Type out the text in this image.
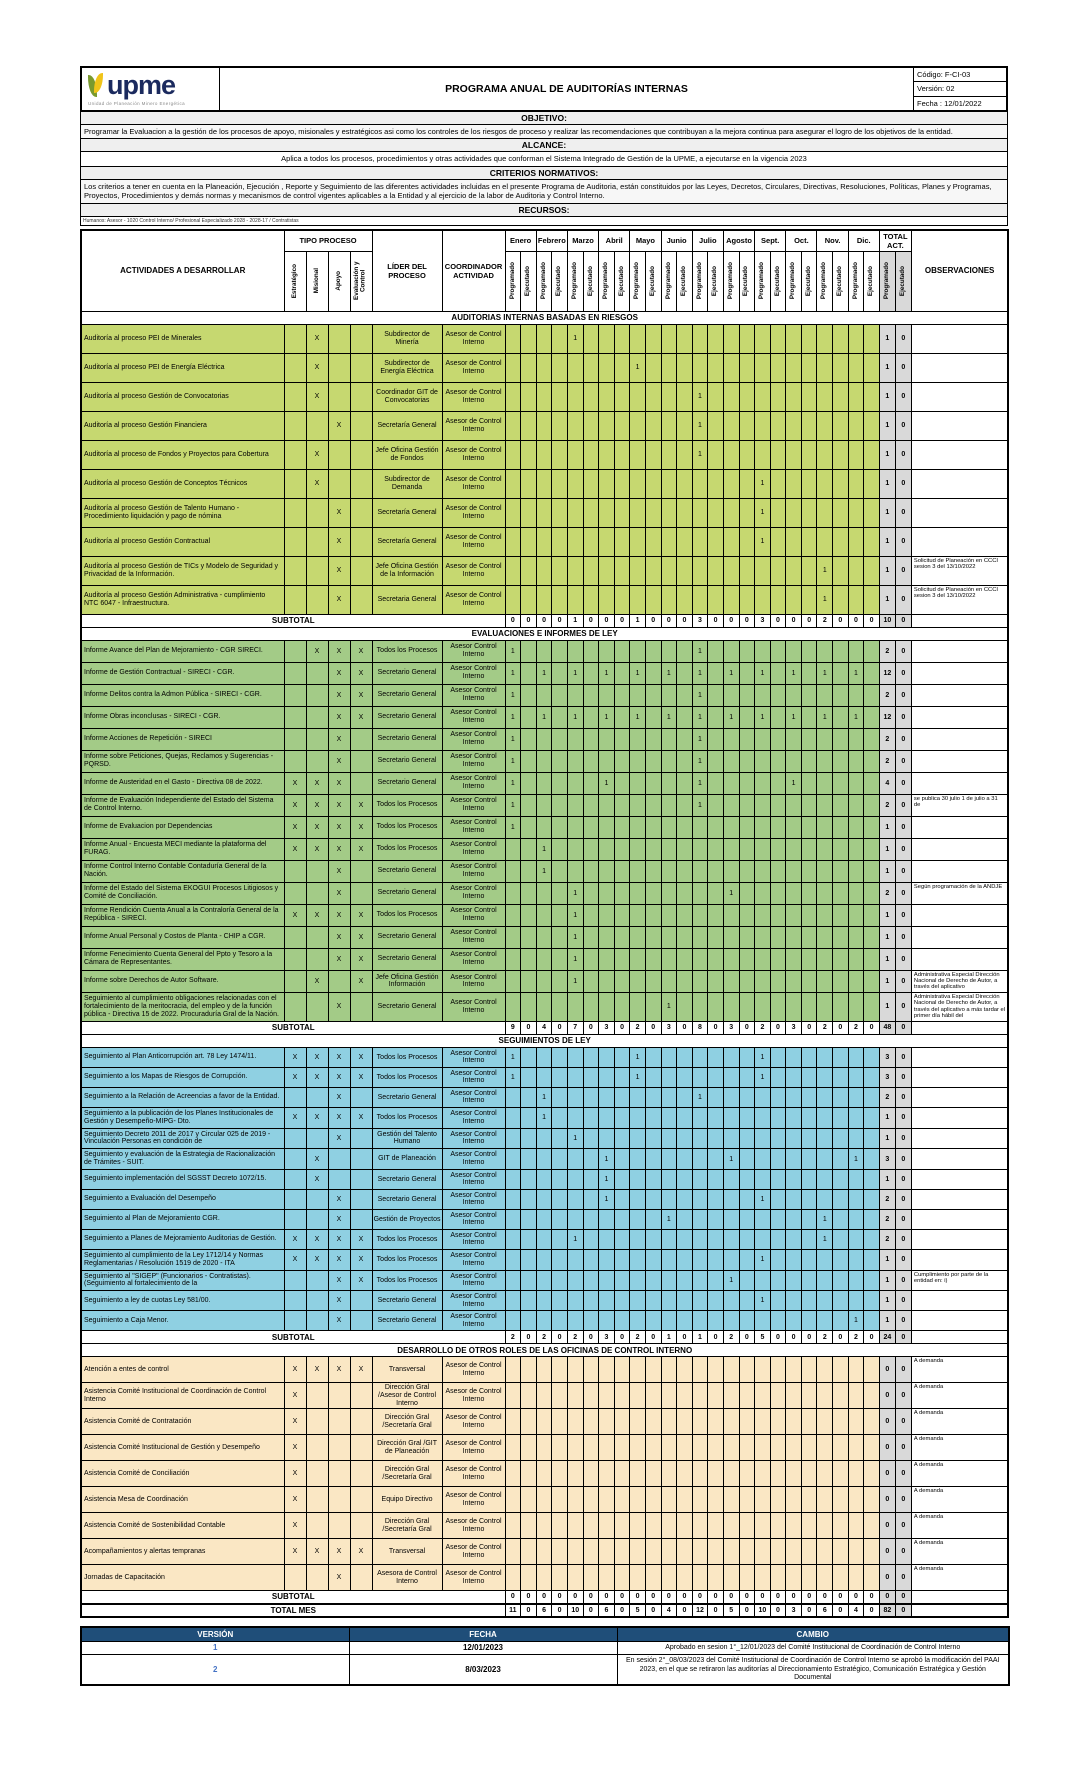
upme
Unidad de Planeación Minero Energética
PROGRAMA ANUAL DE AUDITORÍAS INTERNAS
Código: F-CI-03
Versión: 02
Fecha : 12/01/2022
OBJETIVO:
Programar la Evaluacion a la gestión de los procesos de apoyo, misionales y estratégicos asi como los controles de los riesgos de proceso y realizar las recomendaciones que contribuyan a la mejora continua para asegurar el logro de los objetivos de la entidad.
ALCANCE:
Aplica a todos los procesos, procedimientos y otras actividades que conforman el Sistema Integrado de Gestión de la UPME, a ejecutarse en la vigencia 2023
CRITERIOS NORMATIVOS:
Los criterios a tener en cuenta en la Planeación, Ejecución , Reporte y Seguimiento de las diferentes actividades incluidas en el presente Programa de Auditoria, están constituidos por las Leyes, Decretos, Circulares, Directivas, Resoluciones, Políticas, Planes y Programas, Proyectos, Procedimientos y demás normas y mecanismos de control vigentes aplicables a la Entidad y al ejercicio de la labor de Auditoria y Control Interno.
RECURSOS:
Humanos: Asesor - 1020 Control Interno/ Profesional Especializado 2028 - 2028-17 / Contratistas
ACTIVIDADES A DESARROLLAR	TIPO PROCESO				LÍDER DEL PROCESO	COORDINADOR ACTIVIDAD	Enero		Febrero		Marzo		Abril		Mayo		Junio		Julio		Agosto		Sept.		Oct.		Nov.		Dic.		TOTAL ACT.		OBSERVACIONES

	Estratégico	Misional	Apoyo	Evaluación y Control			Programado	Ejecutado	Programado	Ejecutado	Programado	Ejecutado	Programado	Ejecutado	Programado	Ejecutado	Programado	Ejecutado	Programado	Ejecutado	Programado	Ejecutado	Programado	Ejecutado	Programado	Ejecutado	Programado	Ejecutado	Programado	Ejecutado	Programado	Ejecutado	

AUDITORIAS INTERNAS BASADAS EN RIESGOS																																	
Auditoría al proceso PEI de Minerales		X			Subdirector de Minería	Asesor de Control Interno					1																				1	0	
Auditoría al proceso PEI de Energía Eléctrica		X			Subdirector de Energía Eléctrica	Asesor de Control Interno									1																1	0	
Auditoría al proceso Gestión de Convocatorias		X			Coordinador GIT de Convocatorias	Asesor de Control Interno													1												1	0	
Auditoría al proceso Gestión Financiera			X		Secretaría General	Asesor de Control Interno													1												1	0	
Auditoría al proceso de Fondos y Proyectos para Cobertura		X			Jefe Oficina Gestión de Fondos	Asesor de Control Interno													1												1	0	
Auditoría al proceso Gestión de Conceptos Técnicos		X			Subdirector de Demanda	Asesor de Control Interno																	1								1	0	
Auditoría al proceso Gestión de Talento Humano - Procedimiento liquidación y pago de nómina			X		Secretaría General	Asesor de Control Interno																	1								1	0	
Auditoría al proceso Gestión Contractual			X		Secretaría General	Asesor de Control Interno																	1								1	0	
Auditoría al proceso Gestión de TICs y Modelo de Seguridad y Privacidad de la Información.			X		Jefe Oficina Gestión de la Información	Asesor de Control Interno																					1				1	0	Solicitud de Planeación en CCCI sesion 3 del 13/10/2022
Auditoría al proceso Gestión Administrativa - cumplimiento NTC 6047 - Infraestructura.			X		Secretaria General	Asesor de Control Interno																					1				1	0	Solicitud de Planeación en CCCI sesion 3 del 13/10/2022
SUBTOTAL							0	0	0	0	1	0	0	0	1	0	0	0	3	0	0	0	3	0	0	0	2	0	0	0	10	0	
EVALUACIONES E INFORMES DE LEY																																	
Informe Avance del Plan de Mejoramiento - CGR SIRECI.		X	X	X	Todos los Procesos	Asesor Control Interno	1												1												2	0	
Informe de Gestión Contractual - SIRECI - CGR.			X	X	Secretario General	Asesor Control Interno	1		1		1		1		1		1		1		1		1		1		1		1		12	0	
Informe Delitos contra la Admon Pública - SIRECI - CGR.			X	X	Secretario General	Asesor Control Interno	1												1												2	0	
Informe Obras inconclusas - SIRECI - CGR.			X	X	Secretario General	Asesor Control Interno	1		1		1		1		1		1		1		1		1		1		1		1		12	0	
Informe Acciones de Repetición - SIRECI			X		Secretario General	Asesor Control Interno	1												1												2	0	
Informe sobre Peticiones, Quejas, Reclamos y Sugerencias - PQRSD.			X		Secretario General	Asesor Control Interno	1												1												2	0	
Informe de Austeridad en el Gasto - Directiva 08 de 2022.	X	X	X		Secretario General	Asesor Control Interno	1						1						1						1						4	0	
Informe de Evaluación Independiente del Estado del Sistema de Control Interno.	X	X	X	X	Todos los Procesos	Asesor Control Interno	1												1												2	0	se publica 30 julio 1 de julio a 31 de
Informe de Evaluacion por Dependencias	X	X	X	X	Todos los Procesos	Asesor Control Interno	1																								1	0	
Informe Anual - Encuesta MECI mediante la plataforma del FURAG.	X	X	X	X	Todos los Procesos	Asesor Control Interno			1																						1	0	
Informe Control Interno Contable Contaduría General de la Nación.			X		Secretario General	Asesor Control Interno			1																						1	0	
Informe del Estado del Sistema EKOGUI Procesos Litigiosos y Comité de Conciliación.			X		Secretario General	Asesor Control Interno					1										1										2	0	Según programación de la ANDJE
Informe Rendición Cuenta Anual a la Contraloría General de la República - SIRECI.	X	X	X	X	Todos los Procesos	Asesor Control Interno					1																				1	0	
Informe Anual Personal y Costos de Planta - CHIP a CGR.			X	X	Secretario General	Asesor Control Interno					1																				1	0	
Informe Fenecimiento Cuenta General del Ppto y Tesoro a la Cámara de Representantes.			X	X	Secretario General	Asesor Control Interno					1																				1	0	
Informe sobre Derechos de Autor Software.		X		X	Jefe Oficina Gestión Información	Asesor Control Interno					1																				1	0	Administrativa Especial Dirección Nacional de Derecho de Autor, a través del aplicativo
Seguimiento al cumplimiento obligaciones relacionadas con el fortalecimiento de la meritocracia, del empleo y de la función pública - Directiva 15 de 2022. Procuraduría Gral de la Nación.			X		Secretario General	Asesor Control Interno											1														1	0	Administrativa Especial Dirección Nacional de Derecho de Autor, a través del aplicativo a más tardar el primer día hábil del
SUBTOTAL							9	0	4	0	7	0	3	0	2	0	3	0	8	0	3	0	2	0	3	0	2	0	2	0	48	0	
SEGUIMIENTOS DE LEY																																	
Seguimiento al Plan Anticorrupción art. 78 Ley 1474/11.	X	X	X	X	Todos los Procesos	Asesor Control Interno	1								1								1								3	0	
Seguimiento a los Mapas de Riesgos de Corrupción.	X	X	X	X	Todos los Procesos	Asesor Control Interno	1								1								1								3	0	
Seguimiento a la Relación de Acreencias a favor de la Entidad.			X		Secretario General	Asesor Control Interno			1										1												2	0	
Seguimiento a la publicación de los Planes Institucionales de Gestión y Desempeño-MIPG- Dto.	X	X	X	X	Todos los Procesos	Asesor Control Interno			1																						1	0	
Seguimiento Decreto 2011 de 2017 y Circular 025 de 2019 - Vinculación Personas en condición de			X		Gestión del Talento Humano	Asesor Control Interno					1																				1	0	
Seguimiento y evaluación de la Estrategia de Racionalización de Trámites - SUIT.		X			GIT de Planeación	Asesor Control Interno							1								1								1		3	0	
Seguimiento implementación del SGSST Decreto 1072/15.		X			Secretario General	Asesor Control Interno							1																		1	0	
Seguimiento a Evaluación del Desempeño			X		Secretario General	Asesor Control Interno							1										1								2	0	
Seguimiento al Plan de Mejoramiento CGR.			X		Gestión de Proyectos	Asesor Control Interno											1										1				2	0	
Seguimiento a Planes de Mejoramiento Auditorias de Gestión.	X	X	X	X	Todos los Procesos	Asesor Control Interno					1																1				2	0	
Seguimiento al cumplimiento de la Ley 1712/14 y Normas Reglamentarias / Resolución 1519 de 2020 - ITA	X	X	X	X	Todos los Procesos	Asesor Control Interno																	1								1	0	
Seguimiento al "SIGEP" (Funcionarios - Contratistas). (Seguimiento al fortalecimiento de la			X	X	Todos los Procesos	Asesor Control Interno															1										1	0	Cumplimiento por parte de la entidad en: i)
Seguimiento a ley de cuotas Ley 581/00.			X		Secretario General	Asesor Control Interno																	1								1	0	
Seguimiento a Caja Menor.			X		Secretario General	Asesor Control Interno																							1		1	0	
SUBTOTAL							2	0	2	0	2	0	3	0	2	0	1	0	1	0	2	0	5	0	0	0	2	0	2	0	24	0	
DESARROLLO DE OTROS ROLES DE LAS OFICINAS DE CONTROL INTERNO																																	
Atención a entes de control	X	X	X	X	Transversal	Asesor de Control Interno																									0	0	A demanda
Asistencia Comité Institucional de Coordinación de Control Interno	X				Dirección Gral /Asesor de Control Interno	Asesor de Control Interno																									0	0	A demanda
Asistencia Comité de Contratación	X				Dirección Gral /Secretaría Gral	Asesor de Control Interno																									0	0	A demanda
Asistencia Comité Institucional de Gestión y Desempeño	X				Dirección Gral /GIT de Planeación	Asesor de Control Interno																									0	0	A demanda
Asistencia Comité de Conciliación	X				Dirección Gral /Secretaría Gral	Asesor de Control Interno																									0	0	A demanda
Asistencia Mesa de Coordinación	X				Equipo Directivo	Asesor de Control Interno																									0	0	A demanda
Asistencia Comité de Sostenibilidad Contable	X				Dirección Gral /Secretaría Gral	Asesor de Control Interno																									0	0	A demanda
Acompañamientos y alertas tempranas	X	X	X	X	Transversal	Asesor de Control Interno																									0	0	A demanda
Jornadas de Capacitación			X		Asesora de Control Interno	Asesor de Control Interno																									0	0	A demanda
SUBTOTAL							0	0	0	0	0	0	0	0	0	0	0	0	0	0	0	0	0	0	0	0	0	0	0	0	0	0	
TOTAL MES							11	0	6	0	10	0	6	0	5	0	4	0	12	0	5	0	10	0	3	0	6	0	4	0	82	0	
VERSIÓN	FECHA	CAMBIO
1	12/01/2023	Aprobado en sesion 1°_12/01/2023 del Comité Institucional de Coordinación de Control Interno
2	8/03/2023	En sesión 2°_08/03/2023 del Comité Institucional de Coordinación de Control Interno se aprobó la modificación del PAAI 2023, en el que se retiraron las auditorías al Direccionamiento Estratégico, Comunicación Estratégica y Gestión Documental
